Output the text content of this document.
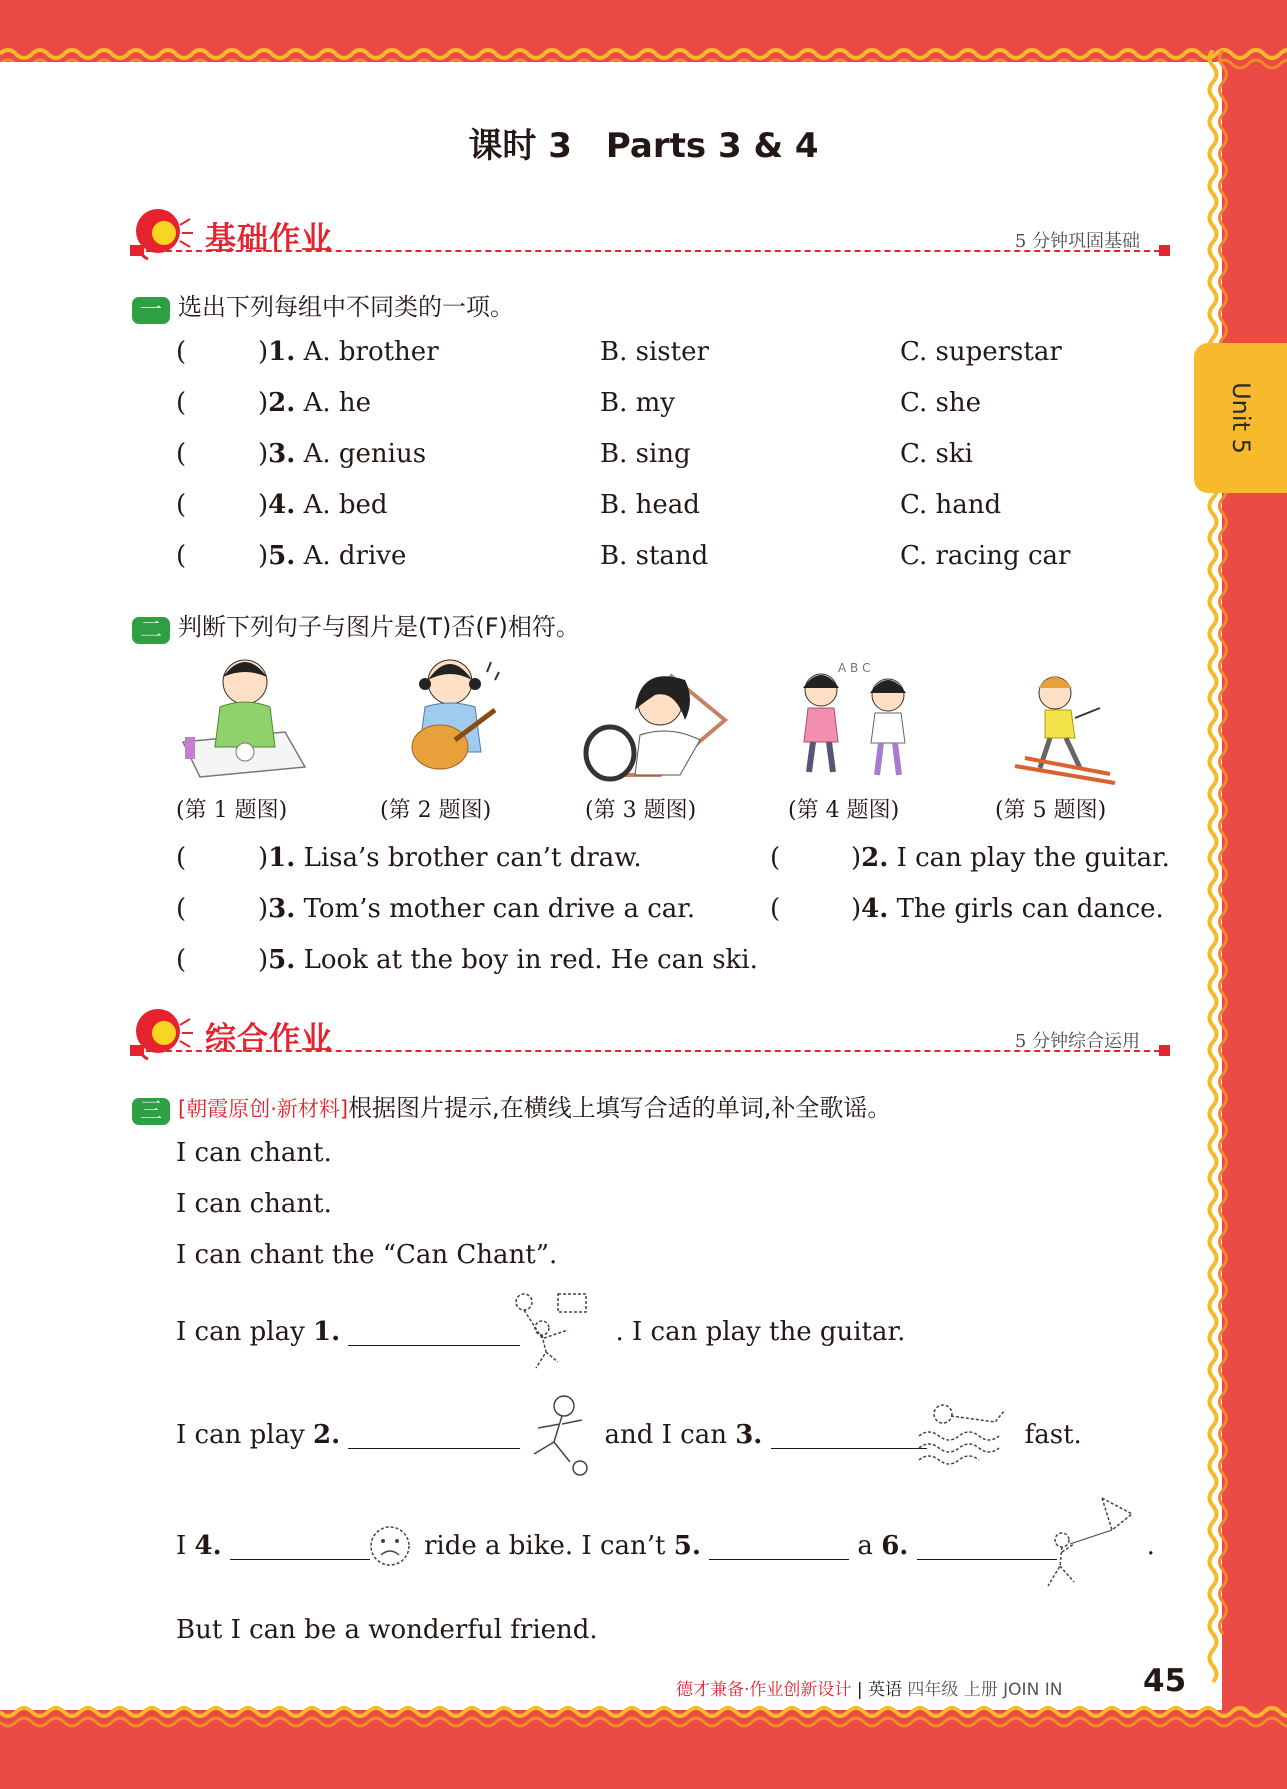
Unit 5
课时 3　Parts 3 & 4
基础作业	5 分钟巩固基础
一 选出下列每组中不同类的一项。
(	)1. A. brother	B. sister	C. superstar
(	)2. A. he	B. my	C. she
(	)3. A. genius	B. sing	C. ski
(	)4. A. bed	B. head	C. hand
(	)5. A. drive	B. stand	C. racing car
二 判断下列句子与图片是(T)否(F)相符。
A B C
(第 1 题图)	(第 2 题图)	(第 3 题图)	(第 4 题图)	(第 5 题图)
(	)1. Lisa’s brother can’t draw.	(	)2. I can play the guitar.
(	)3. Tom’s mother can drive a car.	(	)4. The girls can dance.
(	)5. Look at the boy in red. He can ski.
综合作业	5 分钟综合运用
三 [朝霞原创·新材料]根据图片提示,在横线上填写合适的单词,补全歌谣。
I can chant.
I can chant.
I can chant the “Can Chant”.
I can play 1.	. I can play the guitar.
I can play 2.	and I can 3.	fast.
I 4.	ride a bike. I can’t 5.	a 6.	.
But I can be a wonderful friend.
德才兼备·作业创新设计 | 英语 四年级 上册 JOIN IN	45
